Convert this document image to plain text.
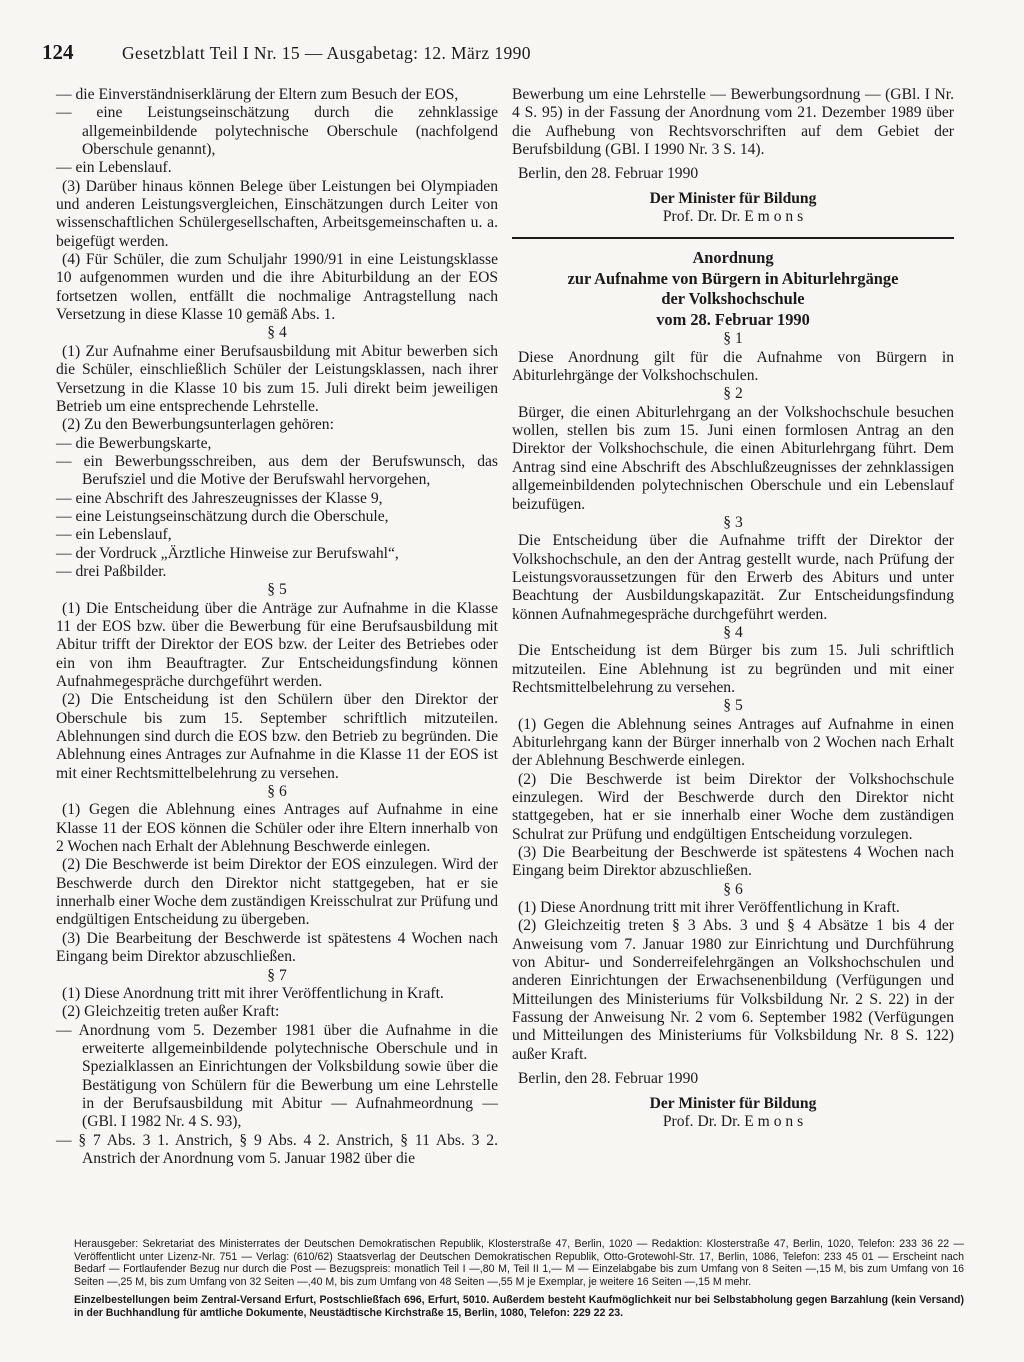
124	Gesetzblatt Teil I Nr. 15 — Ausgabetag: 12. März 1990

— die Einverständniserklärung der Eltern zum Besuch der EOS,

— eine Leistungseinschätzung durch die zehnklassige allgemeinbildende polytechnische Oberschule (nachfolgend Oberschule genannt),

— ein Lebenslauf.

(3) Darüber hinaus können Belege über Leistungen bei Olympiaden und anderen Leistungsvergleichen, Einschätzungen durch Leiter von wissenschaftlichen Schülergesellschaften, Arbeitsgemeinschaften u. a. beigefügt werden.

(4) Für Schüler, die zum Schuljahr 1990/91 in eine Leistungsklasse 10 aufgenommen wurden und die ihre Abiturbildung an der EOS fortsetzen wollen, entfällt die nochmalige Antragstellung nach Versetzung in diese Klasse 10 gemäß Abs. 1.

§ 4

(1) Zur Aufnahme einer Berufsausbildung mit Abitur bewerben sich die Schüler, einschließlich Schüler der Leistungsklassen, nach ihrer Versetzung in die Klasse 10 bis zum 15. Juli direkt beim jeweiligen Betrieb um eine entsprechende Lehrstelle.

(2) Zu den Bewerbungsunterlagen gehören:

— die Bewerbungskarte,

— ein Bewerbungsschreiben, aus dem der Berufswunsch, das Berufsziel und die Motive der Berufswahl hervorgehen,

— eine Abschrift des Jahreszeugnisses der Klasse 9,

— eine Leistungseinschätzung durch die Oberschule,

— ein Lebenslauf,

— der Vordruck „Ärztliche Hinweise zur Berufswahl“,

— drei Paßbilder.

§ 5

(1) Die Entscheidung über die Anträge zur Aufnahme in die Klasse 11 der EOS bzw. über die Bewerbung für eine Berufsausbildung mit Abitur trifft der Direktor der EOS bzw. der Leiter des Betriebes oder ein von ihm Beauftragter. Zur Entscheidungsfindung können Aufnahmegespräche durchgeführt werden.

(2) Die Entscheidung ist den Schülern über den Direktor der Oberschule bis zum 15. September schriftlich mitzuteilen. Ablehnungen sind durch die EOS bzw. den Betrieb zu begründen. Die Ablehnung eines Antrages zur Aufnahme in die Klasse 11 der EOS ist mit einer Rechtsmittelbelehrung zu versehen.

§ 6

(1) Gegen die Ablehnung eines Antrages auf Aufnahme in eine Klasse 11 der EOS können die Schüler oder ihre Eltern innerhalb von 2 Wochen nach Erhalt der Ablehnung Beschwerde einlegen.

(2) Die Beschwerde ist beim Direktor der EOS einzulegen. Wird der Beschwerde durch den Direktor nicht stattgegeben, hat er sie innerhalb einer Woche dem zuständigen Kreisschulrat zur Prüfung und endgültigen Entscheidung zu übergeben.

(3) Die Bearbeitung der Beschwerde ist spätestens 4 Wochen nach Eingang beim Direktor abzuschließen.

§ 7

(1) Diese Anordnung tritt mit ihrer Veröffentlichung in Kraft.

(2) Gleichzeitig treten außer Kraft:

— Anordnung vom 5. Dezember 1981 über die Aufnahme in die erweiterte allgemeinbildende polytechnische Oberschule und in Spezialklassen an Einrichtungen der Volksbildung sowie über die Bestätigung von Schülern für die Bewerbung um eine Lehrstelle in der Berufsausbildung mit Abitur — Aufnahmeordnung — (GBl. I 1982 Nr. 4 S. 93),

— § 7 Abs. 3 1. Anstrich, § 9 Abs. 4 2. Anstrich, § 11 Abs. 3 2. Anstrich der Anordnung vom 5. Januar 1982 über die

Bewerbung um eine Lehrstelle — Bewerbungsordnung — (GBl. I Nr. 4 S. 95) in der Fassung der Anordnung vom 21. Dezember 1989 über die Aufhebung von Rechtsvorschriften auf dem Gebiet der Berufsbildung (GBl. I 1990 Nr. 3 S. 14).

Berlin, den 28. Februar 1990

Der Minister für Bildung

Prof. Dr. Dr. E m o n s

Anordnung

zur Aufnahme von Bürgern in Abiturlehrgänge

der Volkshochschule

vom 28. Februar 1990

§ 1

Diese Anordnung gilt für die Aufnahme von Bürgern in Abiturlehrgänge der Volkshochschulen.

§ 2

Bürger, die einen Abiturlehrgang an der Volkshochschule besuchen wollen, stellen bis zum 15. Juni einen formlosen Antrag an den Direktor der Volkshochschule, die einen Abiturlehrgang führt. Dem Antrag sind eine Abschrift des Abschlußzeugnisses der zehnklassigen allgemeinbildenden polytechnischen Oberschule und ein Lebenslauf beizufügen.

§ 3

Die Entscheidung über die Aufnahme trifft der Direktor der Volkshochschule, an den der Antrag gestellt wurde, nach Prüfung der Leistungsvoraussetzungen für den Erwerb des Abiturs und unter Beachtung der Ausbildungskapazität. Zur Entscheidungsfindung können Aufnahmegespräche durchgeführt werden.

§ 4

Die Entscheidung ist dem Bürger bis zum 15. Juli schriftlich mitzuteilen. Eine Ablehnung ist zu begründen und mit einer Rechtsmittelbelehrung zu versehen.

§ 5

(1) Gegen die Ablehnung seines Antrages auf Aufnahme in einen Abiturlehrgang kann der Bürger innerhalb von 2 Wochen nach Erhalt der Ablehnung Beschwerde einlegen.

(2) Die Beschwerde ist beim Direktor der Volkshochschule einzulegen. Wird der Beschwerde durch den Direktor nicht stattgegeben, hat er sie innerhalb einer Woche dem zuständigen Schulrat zur Prüfung und endgültigen Entscheidung vorzulegen.

(3) Die Bearbeitung der Beschwerde ist spätestens 4 Wochen nach Eingang beim Direktor abzuschließen.

§ 6

(1) Diese Anordnung tritt mit ihrer Veröffentlichung in Kraft.

(2) Gleichzeitig treten § 3 Abs. 3 und § 4 Absätze 1 bis 4 der Anweisung vom 7. Januar 1980 zur Einrichtung und Durchführung von Abitur- und Sonderreifelehrgängen an Volkshochschulen und anderen Einrichtungen der Erwachsenenbildung (Verfügungen und Mitteilungen des Ministeriums für Volksbildung Nr. 2 S. 22) in der Fassung der Anweisung Nr. 2 vom 6. September 1982 (Verfügungen und Mitteilungen des Ministeriums für Volksbildung Nr. 8 S. 122) außer Kraft.

Berlin, den 28. Februar 1990

Der Minister für Bildung

Prof. Dr. Dr. E m o n s

Herausgeber: Sekretariat des Ministerrates der Deutschen Demokratischen Republik, Klosterstraße 47, Berlin, 1020 — Redaktion: Klosterstraße 47, Berlin, 1020, Telefon: 233 36 22 — Veröffentlicht unter Lizenz-Nr. 751 — Verlag: (610/62) Staatsverlag der Deutschen Demokratischen Republik, Otto-Grotewohl-Str. 17, Berlin, 1086, Telefon: 233 45 01 — Erscheint nach Bedarf — Fortlaufender Bezug nur durch die Post — Bezugspreis: monatlich Teil I —,80 M, Teil II 1,— M — Einzelabgabe bis zum Umfang von 8 Seiten —,15 M, bis zum Umfang von 16 Seiten —,25 M, bis zum Umfang von 32 Seiten —,40 M, bis zum Umfang von 48 Seiten —,55 M je Exemplar, je weitere 16 Seiten —,15 M mehr.

Einzelbestellungen beim Zentral-Versand Erfurt, Postschließfach 696, Erfurt, 5010. Außerdem besteht Kaufmöglichkeit nur bei Selbstabholung gegen Barzahlung (kein Versand) in der Buchhandlung für amtliche Dokumente, Neustädtische Kirchstraße 15, Berlin, 1080, Telefon: 229 22 23.
